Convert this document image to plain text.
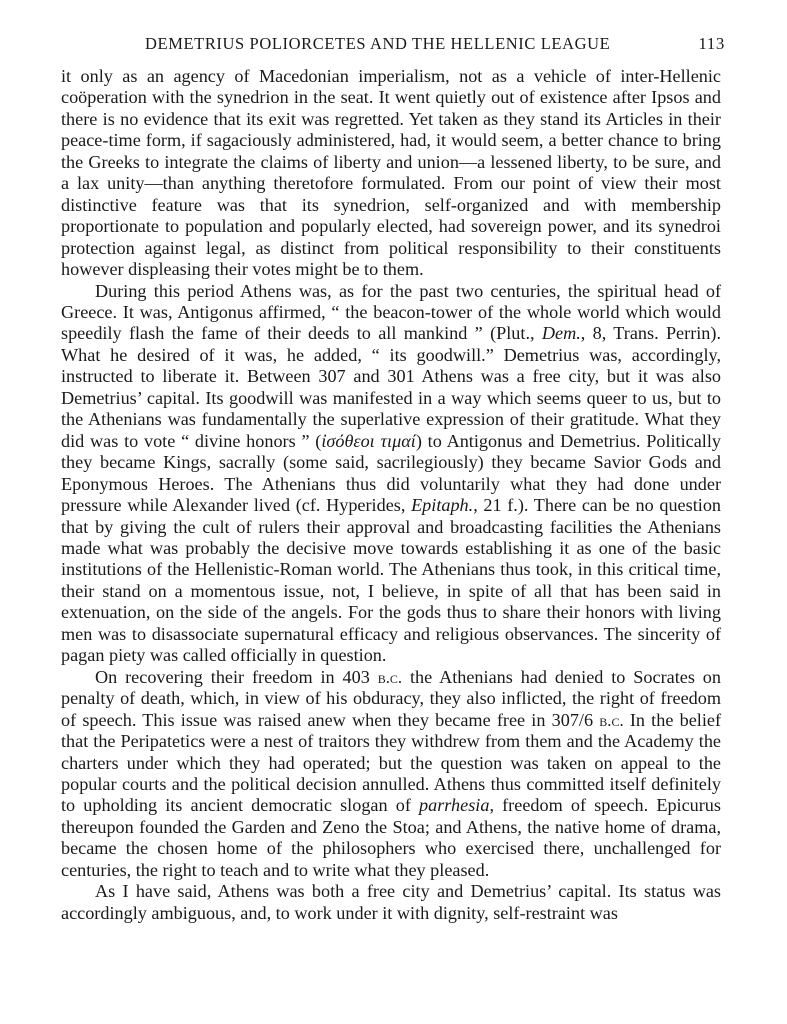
DEMETRIUS POLIORCETES AND THE HELLENIC LEAGUE	113

it only as an agency of Macedonian imperialism, not as a vehicle of inter-Hellenic coöperation with the synedrion in the seat. It went quietly out of existence after Ipsos and there is no evidence that its exit was regretted. Yet taken as they stand its Articles in their peace-time form, if sagaciously administered, had, it would seem, a better chance to bring the Greeks to integrate the claims of liberty and union—a lessened liberty, to be sure, and a lax unity—than anything theretofore formulated. From our point of view their most distinctive feature was that its synedrion, self-organized and with membership proportionate to population and popularly elected, had sovereign power, and its synedroi protection against legal, as distinct from political responsibility to their constituents however displeasing their votes might be to them.

During this period Athens was, as for the past two centuries, the spiritual head of Greece. It was, Antigonus affirmed, “ the beacon-tower of the whole world which would speedily flash the fame of their deeds to all mankind ” (Plut., Dem., 8, Trans. Perrin). What he desired of it was, he added, “ its goodwill.” Demetrius was, accordingly, instructed to liberate it. Between 307 and 301 Athens was a free city, but it was also Demetrius’ capital. Its goodwill was manifested in a way which seems queer to us, but to the Athenians was fundamentally the superlative expression of their gratitude. What they did was to vote “ divine honors ” (ἰσόθεοι τιμαί) to Antigonus and Demetrius. Politically they became Kings, sacrally (some said, sacrilegiously) they became Savior Gods and Eponymous Heroes. The Athenians thus did voluntarily what they had done under pressure while Alexander lived (cf. Hyperides, Epitaph., 21 f.). There can be no question that by giving the cult of rulers their approval and broadcasting facilities the Athenians made what was probably the decisive move towards establishing it as one of the basic institutions of the Hellenistic-Roman world. The Athenians thus took, in this critical time, their stand on a momentous issue, not, I believe, in spite of all that has been said in extenuation, on the side of the angels. For the gods thus to share their honors with living men was to disassociate supernatural efficacy and religious observances. The sincerity of pagan piety was called officially in question.

On recovering their freedom in 403 b.c. the Athenians had denied to Socrates on penalty of death, which, in view of his obduracy, they also inflicted, the right of freedom of speech. This issue was raised anew when they became free in 307/6 b.c. In the belief that the Peripatetics were a nest of traitors they withdrew from them and the Academy the charters under which they had operated; but the question was taken on appeal to the popular courts and the political decision annulled. Athens thus committed itself definitely to upholding its ancient democratic slogan of parrhesia, freedom of speech. Epicurus thereupon founded the Garden and Zeno the Stoa; and Athens, the native home of drama, became the chosen home of the philosophers who exercised there, unchallenged for centuries, the right to teach and to write what they pleased.

As I have said, Athens was both a free city and Demetrius’ capital. Its status was accordingly ambiguous, and, to work under it with dignity, self-restraint was
